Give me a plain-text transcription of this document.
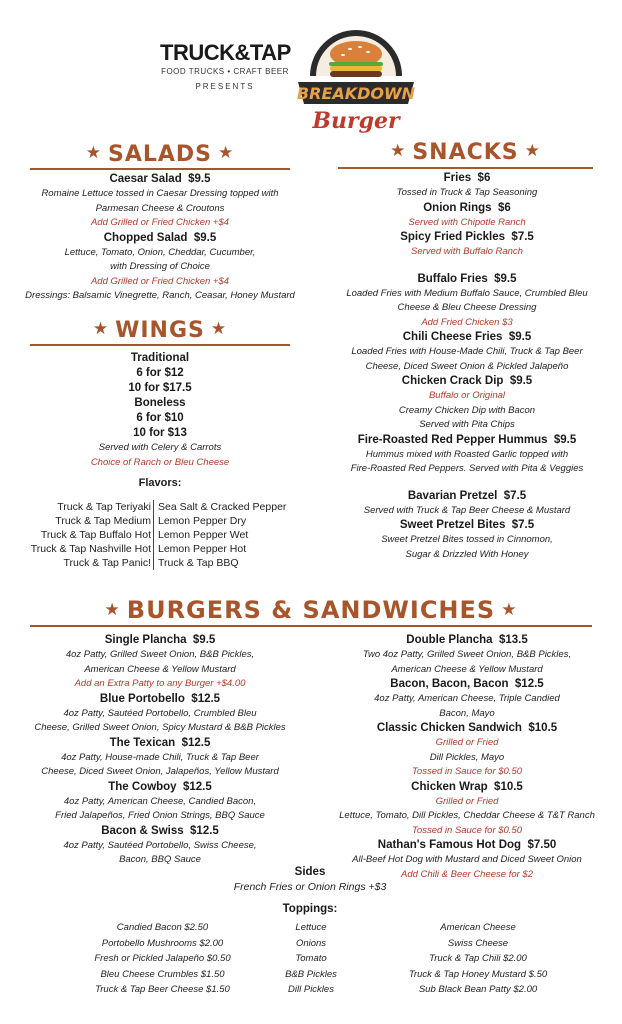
TRUCK&TAP
FOOD TRUCKS • CRAFT BEER
PRESENTS	BREAKDOWN
Burger
★ SALADS ★
Caesar Salad $9.5
Romaine Lettuce tossed in Caesar Dressing topped with
Parmesan Cheese & Croutons
Add Grilled or Fried Chicken +$4
Chopped Salad $9.5
Lettuce, Tomato, Onion, Cheddar, Cucumber,
with Dressing of Choice
Add Grilled or Fried Chicken +$4
Dressings: Balsamic Vinegrette, Ranch, Ceasar, Honey Mustard
★ WINGS ★
Traditional
6 for $12
10 for $17.5
Boneless
6 for $10
10 for $13
Served with Celery & Carrots
Choice of Ranch or Bleu Cheese
Flavors:
Truck & Tap Teriyaki
Truck & Tap Medium
Truck & Tap Buffalo Hot
Truck & Tap Nashville Hot
Truck & Tap Panic!
Sea Salt & Cracked Pepper
Lemon Pepper Dry
Lemon Pepper Wet
Lemon Pepper Hot
Truck & Tap BBQ
★ SNACKS ★
Fries $6
Tossed in Truck & Tap Seasoning
Onion Rings $6
Served with Chipotle Ranch
Spicy Fried Pickles $7.5
Served with Buffalo Ranch
Buffalo Fries $9.5
Loaded Fries with Medium Buffalo Sauce, Crumbled Bleu
Cheese & Bleu Cheese Dressing
Add Fried Chicken $3
Chili Cheese Fries $9.5
Loaded Fries with House-Made Chili, Truck & Tap Beer
Cheese, Diced Sweet Onion & Pickled Jalapeño
Chicken Crack Dip $9.5
Buffalo or Original
Creamy Chicken Dip with Bacon
Served with Pita Chips
Fire-Roasted Red Pepper Hummus $9.5
Hummus mixed with Roasted Garlic topped with
Fire-Roasted Red Peppers. Served with Pita & Veggies
Bavarian Pretzel $7.5
Served with Truck & Tap Beer Cheese & Mustard
Sweet Pretzel Bites $7.5
Sweet Pretzel Bites tossed in Cinnomon,
Sugar & Drizzled With Honey
★ BURGERS & SANDWICHES ★
Single Plancha $9.5
4oz Patty, Grilled Sweet Onion, B&B Pickles,
American Cheese & Yellow Mustard
Add an Extra Patty to any Burger +$4.00
Blue Portobello $12.5
4oz Patty, Sautéed Portobello, Crumbled Bleu
Cheese, Grilled Sweet Onion, Spicy Mustard & B&B Pickles
The Texican $12.5
4oz Patty, House-made Chili, Truck & Tap Beer
Cheese, Diced Sweet Onion, Jalapeños, Yellow Mustard
The Cowboy $12.5
4oz Patty, American Cheese, Candied Bacon,
Fried Jalapeños, Fried Onion Strings, BBQ Sauce
Bacon & Swiss $12.5
4oz Patty, Sautéed Portobello, Swiss Cheese,
Bacon, BBQ Sauce
Double Plancha $13.5
Two 4oz Patty, Grilled Sweet Onion, B&B Pickles,
American Cheese & Yellow Mustard
Bacon, Bacon, Bacon $12.5
4oz Patty, American Cheese, Triple Candied
Bacon, Mayo
Classic Chicken Sandwich $10.5
Grilled or Fried
Dill Pickles, Mayo
Tossed in Sauce for $0.50
Chicken Wrap $10.5
Grilled or Fried
Lettuce, Tomato, Dill Pickles, Cheddar Cheese & T&T Ranch
Tossed in Sauce for $0.50
Nathan's Famous Hot Dog $7.50
All-Beef Hot Dog with Mustard and Diced Sweet Onion
Add Chili & Beer Cheese for $2
Sides
French Fries or Onion Rings +$3
Toppings:
Candied Bacon $2.50
Portobello Mushrooms $2.00
Fresh or Pickled Jalapeño $0.50
Bleu Cheese Crumbles $1.50
Truck & Tap Beer Cheese $1.50
Lettuce
Onions
Tomato
B&B Pickles
Dill Pickles
American Cheese
Swiss Cheese
Truck & Tap Chili $2.00
Truck & Tap Honey Mustard $.50
Sub Black Bean Patty $2.00
